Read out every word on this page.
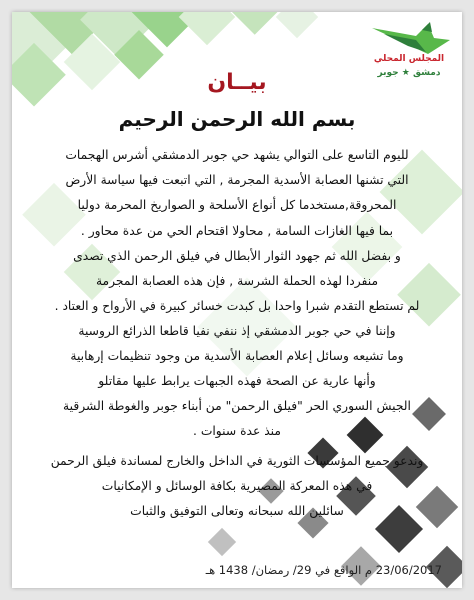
المجلس المحلي
دمشق ★ جوبر
بيــان
بسم الله الرحمن الرحيم
لليوم التاسع على التوالي يشهد حي جوبر الدمشقي أشرس الهجمات
التي تشنها العصابة الأسدية المجرمة , التي اتبعت فيها سياسة الأرض
المحروقة,مستخدما كل أنواع الأسلحة و الصواريخ المحرمة دوليا
بما فيها الغازات السامة , محاولا اقتحام الحي من عدة محاور .
و بفضل الله ثم جهود الثوار الأبطال في فيلق الرحمن الذي تصدى
منفردا لهذه الحملة الشرسة , فإن هذه العصابة المجرمة
لم تستطع التقدم شبرا واحدا بل كبدت خسائر كبيرة في الأرواح و العتاد .
وإننا في حي جوبر الدمشقي إذ ننفي نفيا قاطعا الذرائع الروسية
وما تشيعه وسائل إعلام العصابة الأسدية من وجود تنظيمات إرهابية
وأنها عارية عن الصحة فهذه الجبهات يرابط عليها مقاتلو
الجيش السوري الحر "فيلق الرحمن" من أبناء جوبر والغوطة الشرقية
منذ عدة سنوات .
وندعو جميع المؤسسات الثورية في الداخل والخارج لمساندة فيلق الرحمن
في هذه المعركة المصيرية بكافة الوسائل و الإمكانيات
سائلين الله سبحانه وتعالى التوفيق والثبات
23/06/2017 م الواقع في 29/ رمضان/ 1438 هـ
